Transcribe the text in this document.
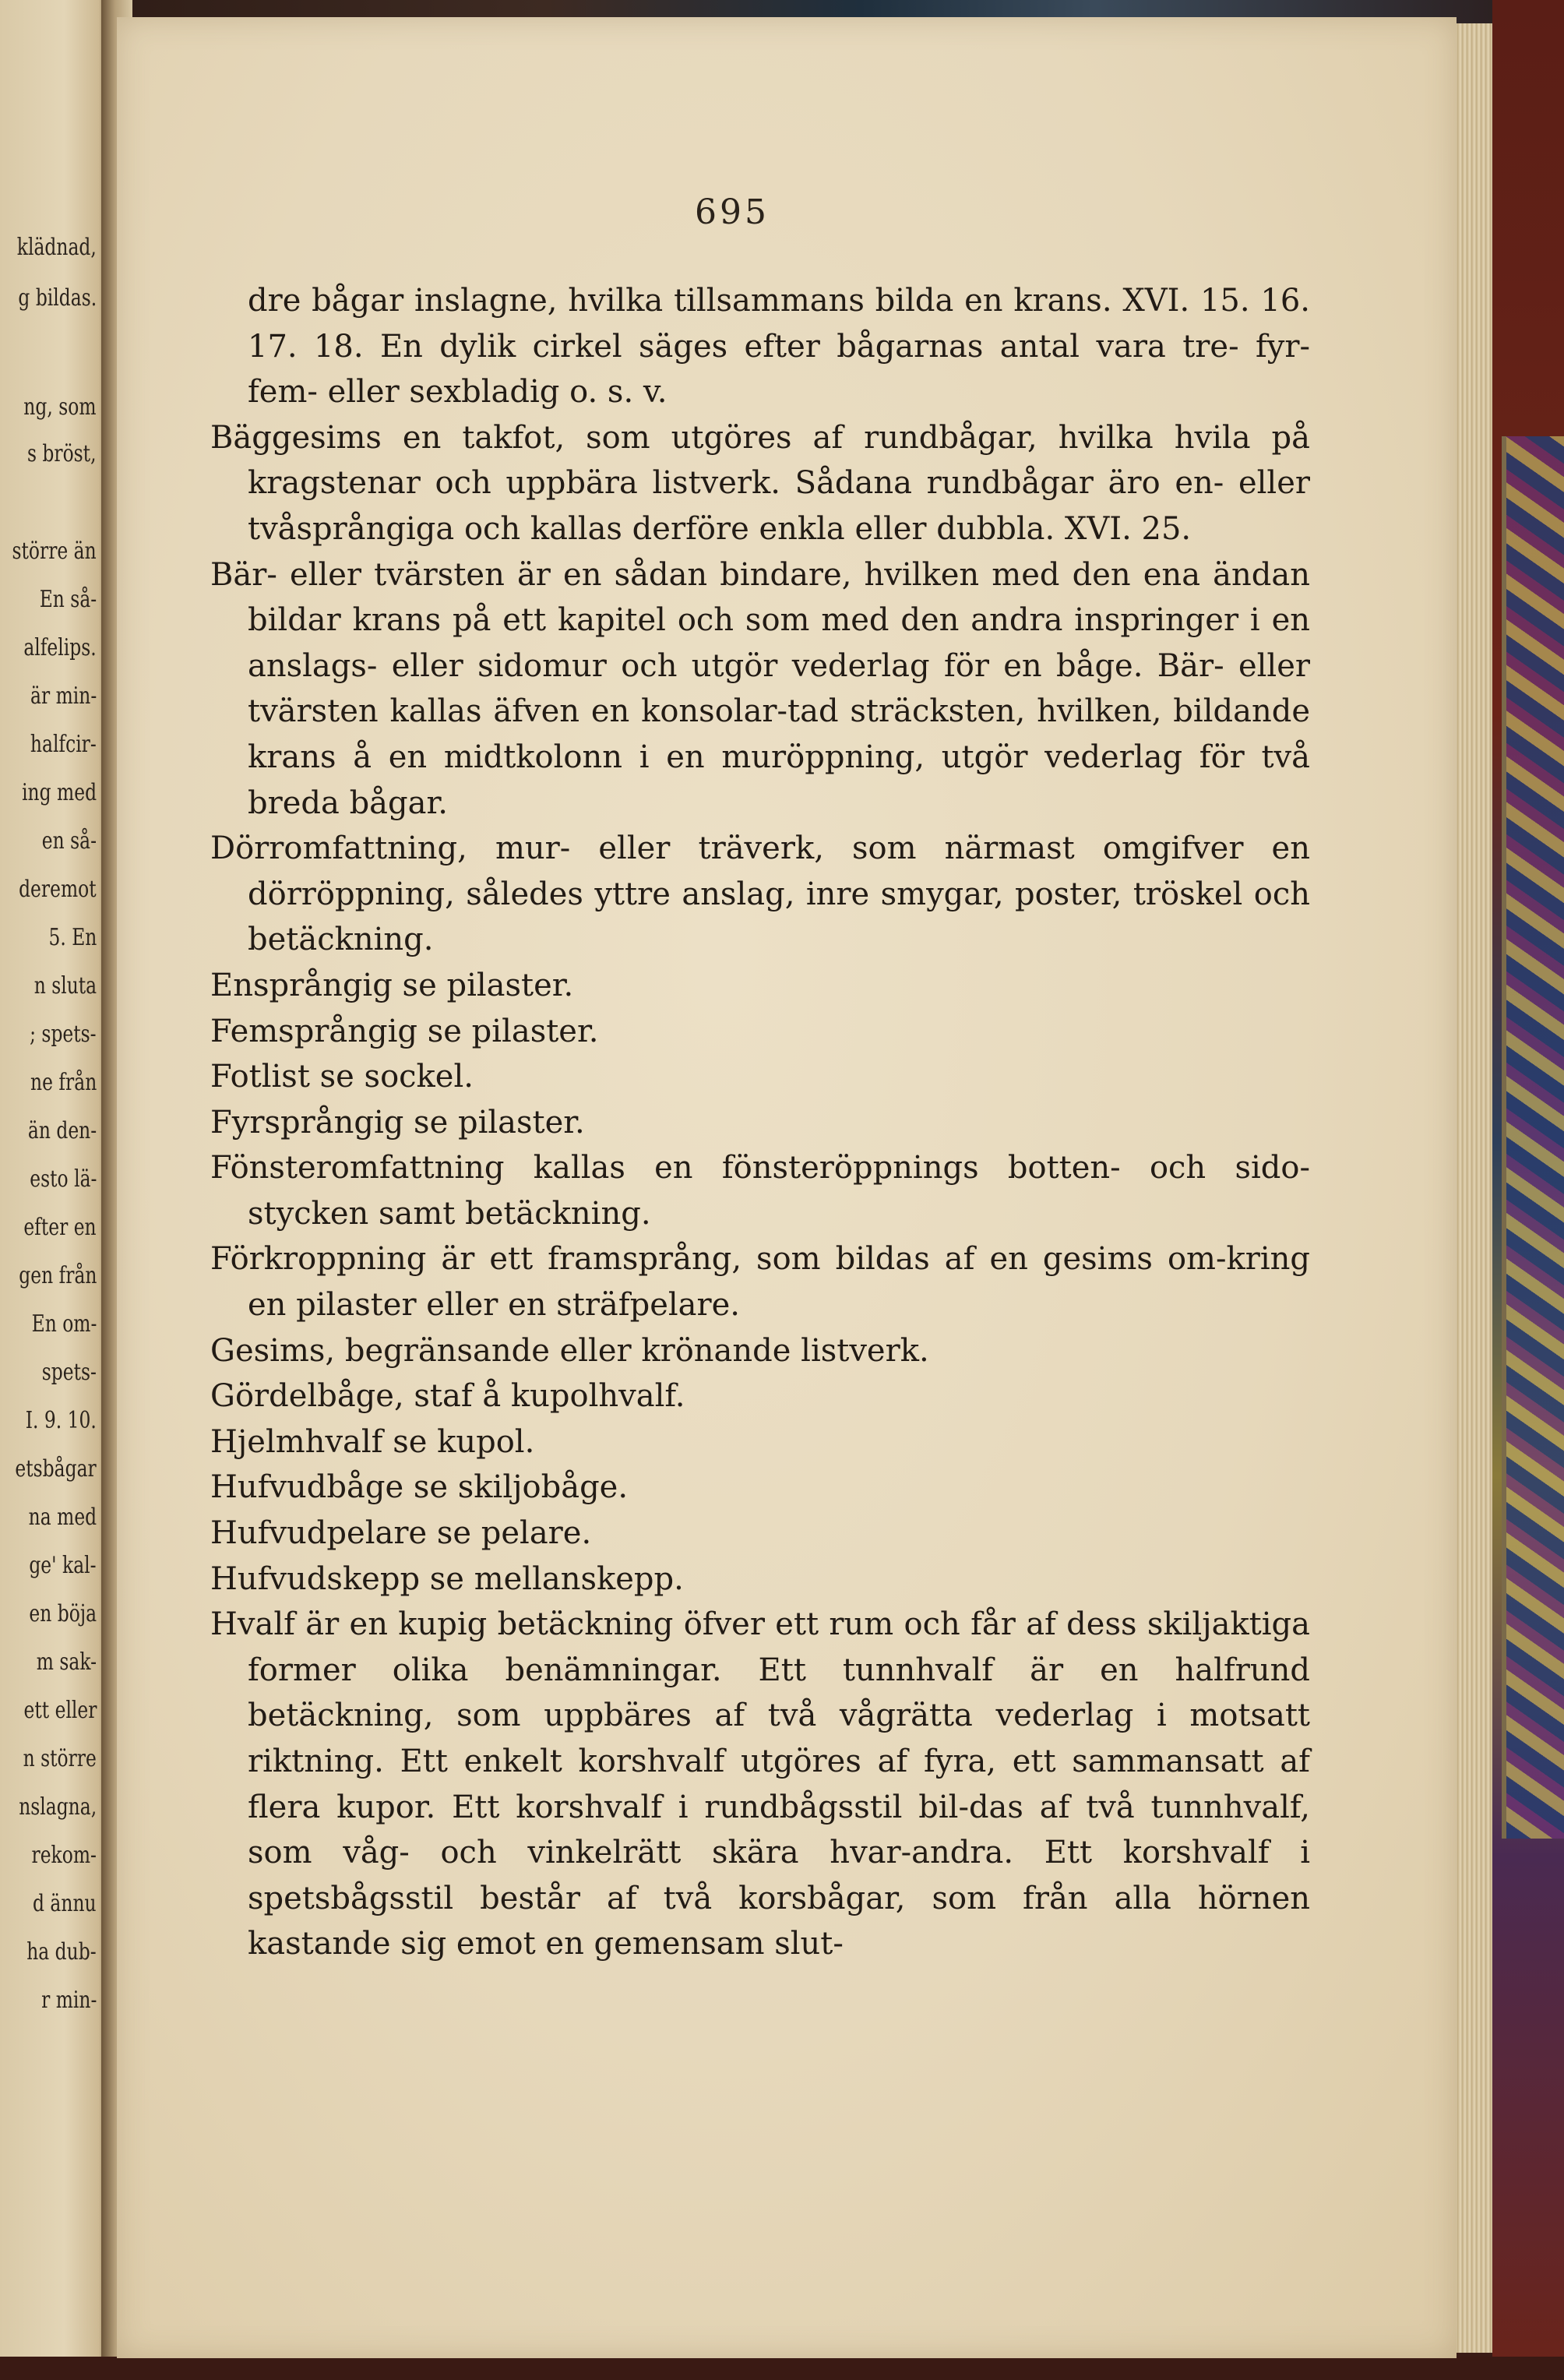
klädnad,
g bildas.
ng, som
s bröst,
större än
En så-
alfelips.
är min-
halfcir-
ing med
en så-
deremot
5. En
n sluta
; spets-
ne från
än den-
esto lä-
efter en
gen från
En om-
spets-
I. 9. 10.
etsbågar
na med
ge' kal-
en böja
m sak-
ett eller
n större
nslagna,
rekom-
d ännu
ha dub-
r min-
695

dre bågar inslagne, hvilka tillsammans bilda en krans. XVI. 15. 16. 17. 18. En dylik cirkel säges efter bågarnas antal vara tre- fyr- fem- eller sexbladig o. s. v.

Bäggesims en takfot, som utgöres af rundbågar, hvilka hvila på kragstenar och uppbära listverk. Sådana rundbågar äro en- eller tvåsprångiga och kallas derföre enkla eller dubbla. XVI. 25.

Bär- eller tvärsten är en sådan bindare, hvilken med den ena ändan bildar krans på ett kapitel och som med den andra inspringer i en anslags- eller sidomur och utgör vederlag för en båge. Bär- eller tvärsten kallas äfven en konsolar-tad sträcksten, hvilken, bildande krans å en midtkolonn i en muröppning, utgör vederlag för två breda bågar.

Dörromfattning, mur- eller träverk, som närmast omgifver en dörröppning, således yttre anslag, inre smygar, poster, tröskel och betäckning.

Ensprångig se pilaster.

Femsprångig se pilaster.

Fotlist se sockel.

Fyrsprångig se pilaster.

Fönsteromfattning kallas en fönsteröppnings botten- och sido-stycken samt betäckning.

Förkroppning är ett framsprång, som bildas af en gesims om-kring en pilaster eller en sträfpelare.

Gesims, begränsande eller krönande listverk.

Gördelbåge, staf å kupolhvalf.

Hjelmhvalf se kupol.

Hufvudbåge se skiljobåge.

Hufvudpelare se pelare.

Hufvudskepp se mellanskepp.

Hvalf är en kupig betäckning öfver ett rum och får af dess skiljaktiga former olika benämningar. Ett tunnhvalf är en halfrund betäckning, som uppbäres af två vågrätta vederlag i motsatt riktning. Ett enkelt korshvalf utgöres af fyra, ett sammansatt af flera kupor. Ett korshvalf i rundbågsstil bil-das af två tunnhvalf, som våg- och vinkelrätt skära hvar-andra. Ett korshvalf i spetsbågsstil består af två korsbågar, som från alla hörnen kastande sig emot en gemensam slut-
